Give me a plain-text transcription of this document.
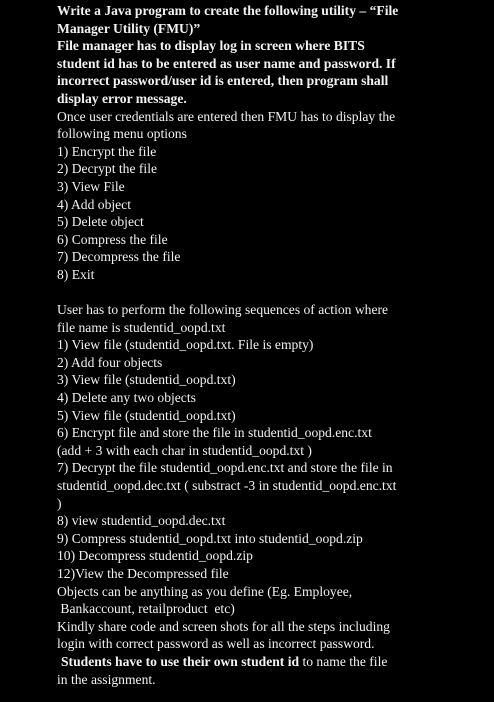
Write a Java program to create the following utility – “File
Manager Utility (FMU)”
File manager has to display log in screen where BITS
student id has to be entered as user name and password. If
incorrect password/user id is entered, then program shall
display error message.
Once user credentials are entered then FMU has to display the
following menu options
1) Encrypt the file
2) Decrypt the file
3) View File
4) Add object
5) Delete object
6) Compress the file
7) Decompress the file
8) Exit
User has to perform the following sequences of action where
file name is studentid_oopd.txt
1) View file (studentid_oopd.txt. File is empty)
2) Add four objects
3) View file (studentid_oopd.txt)
4) Delete any two objects
5) View file (studentid_oopd.txt)
6) Encrypt file and store the file in studentid_oopd.enc.txt
(add + 3 with each char in studentid_oopd.txt )
7) Decrypt the file studentid_oopd.enc.txt and store the file in
studentid_oopd.dec.txt ( substract -3 in studentid_oopd.enc.txt
)
8) view studentid_oopd.dec.txt
9) Compress studentid_oopd.txt into studentid_oopd.zip
10) Decompress studentid_oopd.zip
12)View the Decompressed file
Objects can be anything as you define (Eg. Employee,
Bankaccount, retailproduct  etc)
Kindly share code and screen shots for all the steps including
login with correct password as well as incorrect password.
Students have to use their own student id to name the file
in the assignment.
